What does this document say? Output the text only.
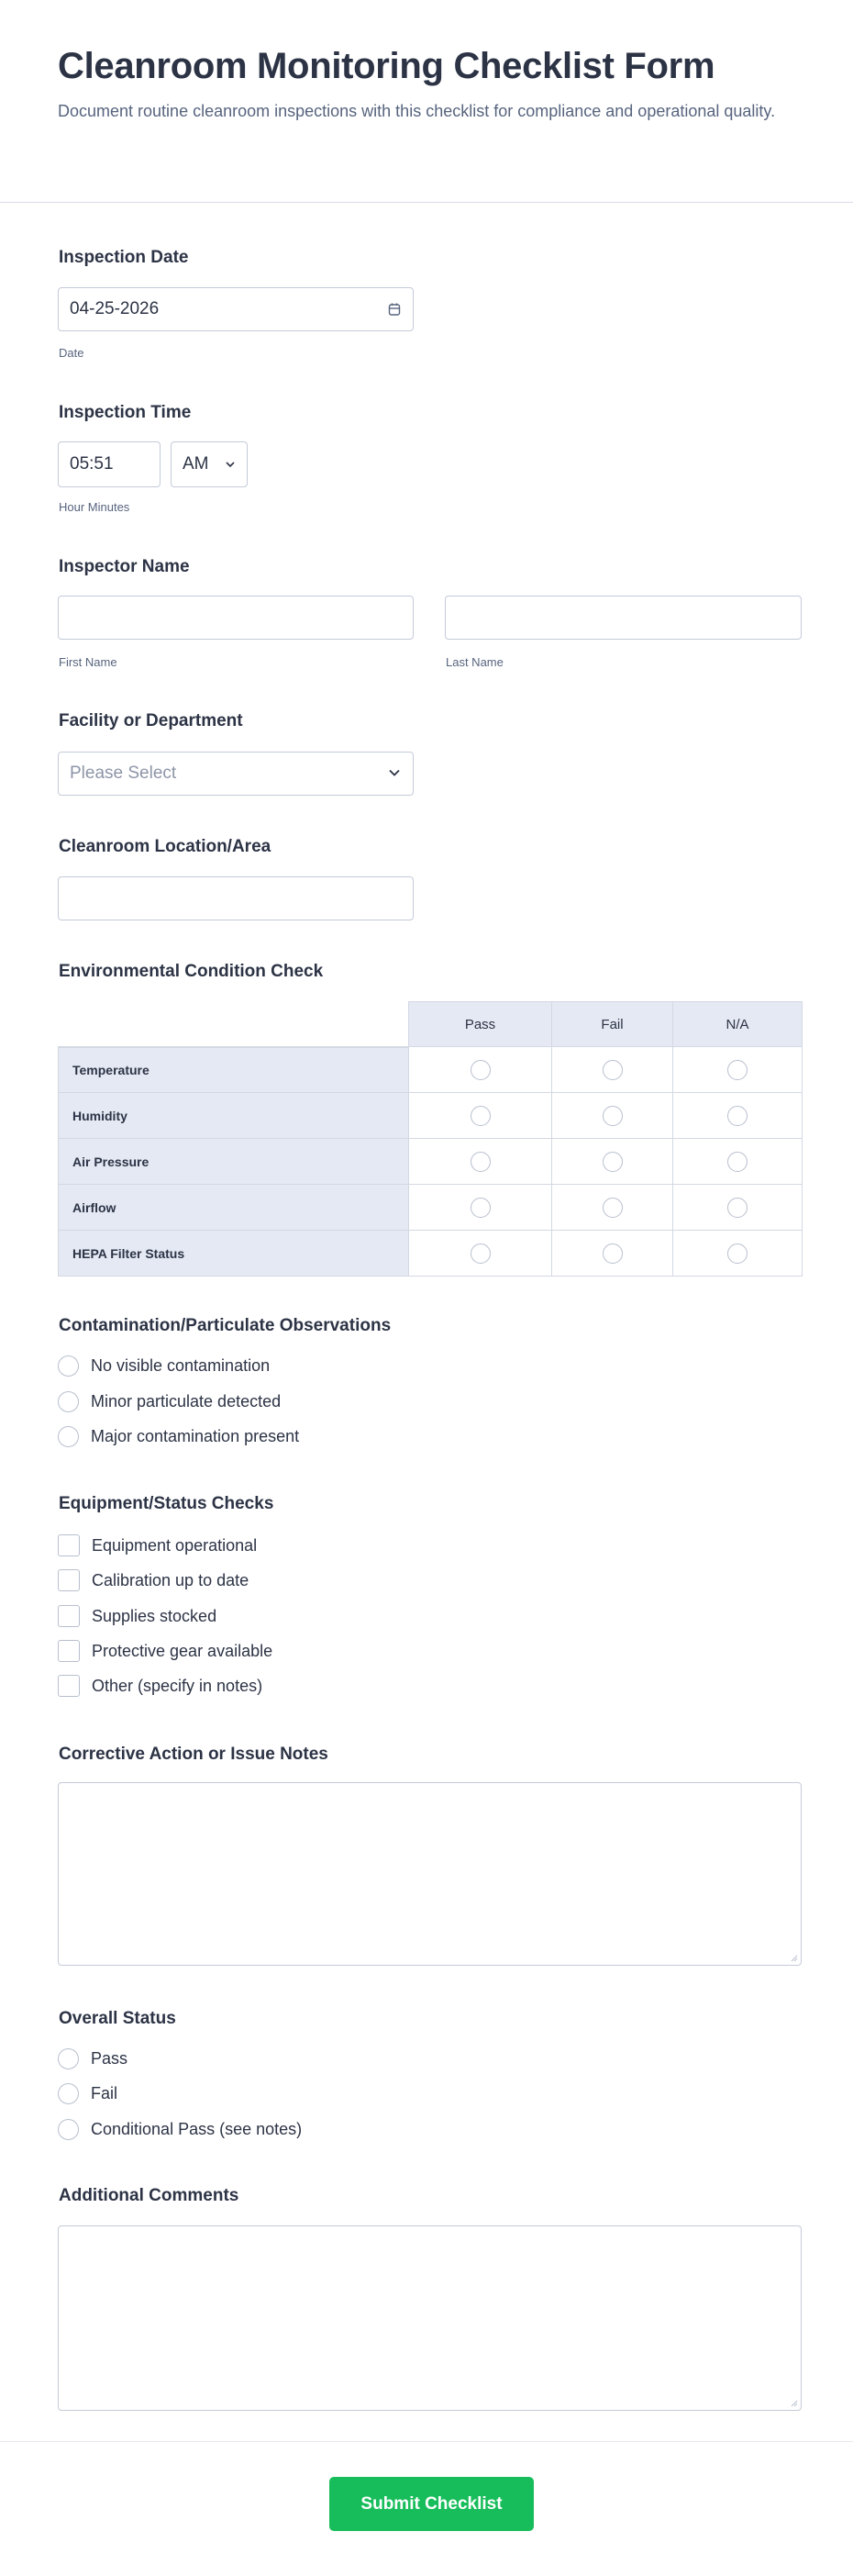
Cleanroom Monitoring Checklist Form
Document routine cleanroom inspections with this checklist for compliance and operational quality.
Inspection Date
04-25-2026
Date
Inspection Time
05:51	AM
Hour Minutes
Inspector Name
First Name	Last Name
Facility or Department
Please Select
Cleanroom Location/Area
Environmental Condition Check
	Pass	Fail	N/A
Temperature			
Humidity			
Air Pressure			
Airflow			
HEPA Filter Status			
Contamination/Particulate Observations
No visible contamination
Minor particulate detected
Major contamination present
Equipment/Status Checks
Equipment operational
Calibration up to date
Supplies stocked
Protective gear available
Other (specify in notes)
Corrective Action or Issue Notes
Overall Status
Pass
Fail
Conditional Pass (see notes)
Additional Comments
Submit Checklist
